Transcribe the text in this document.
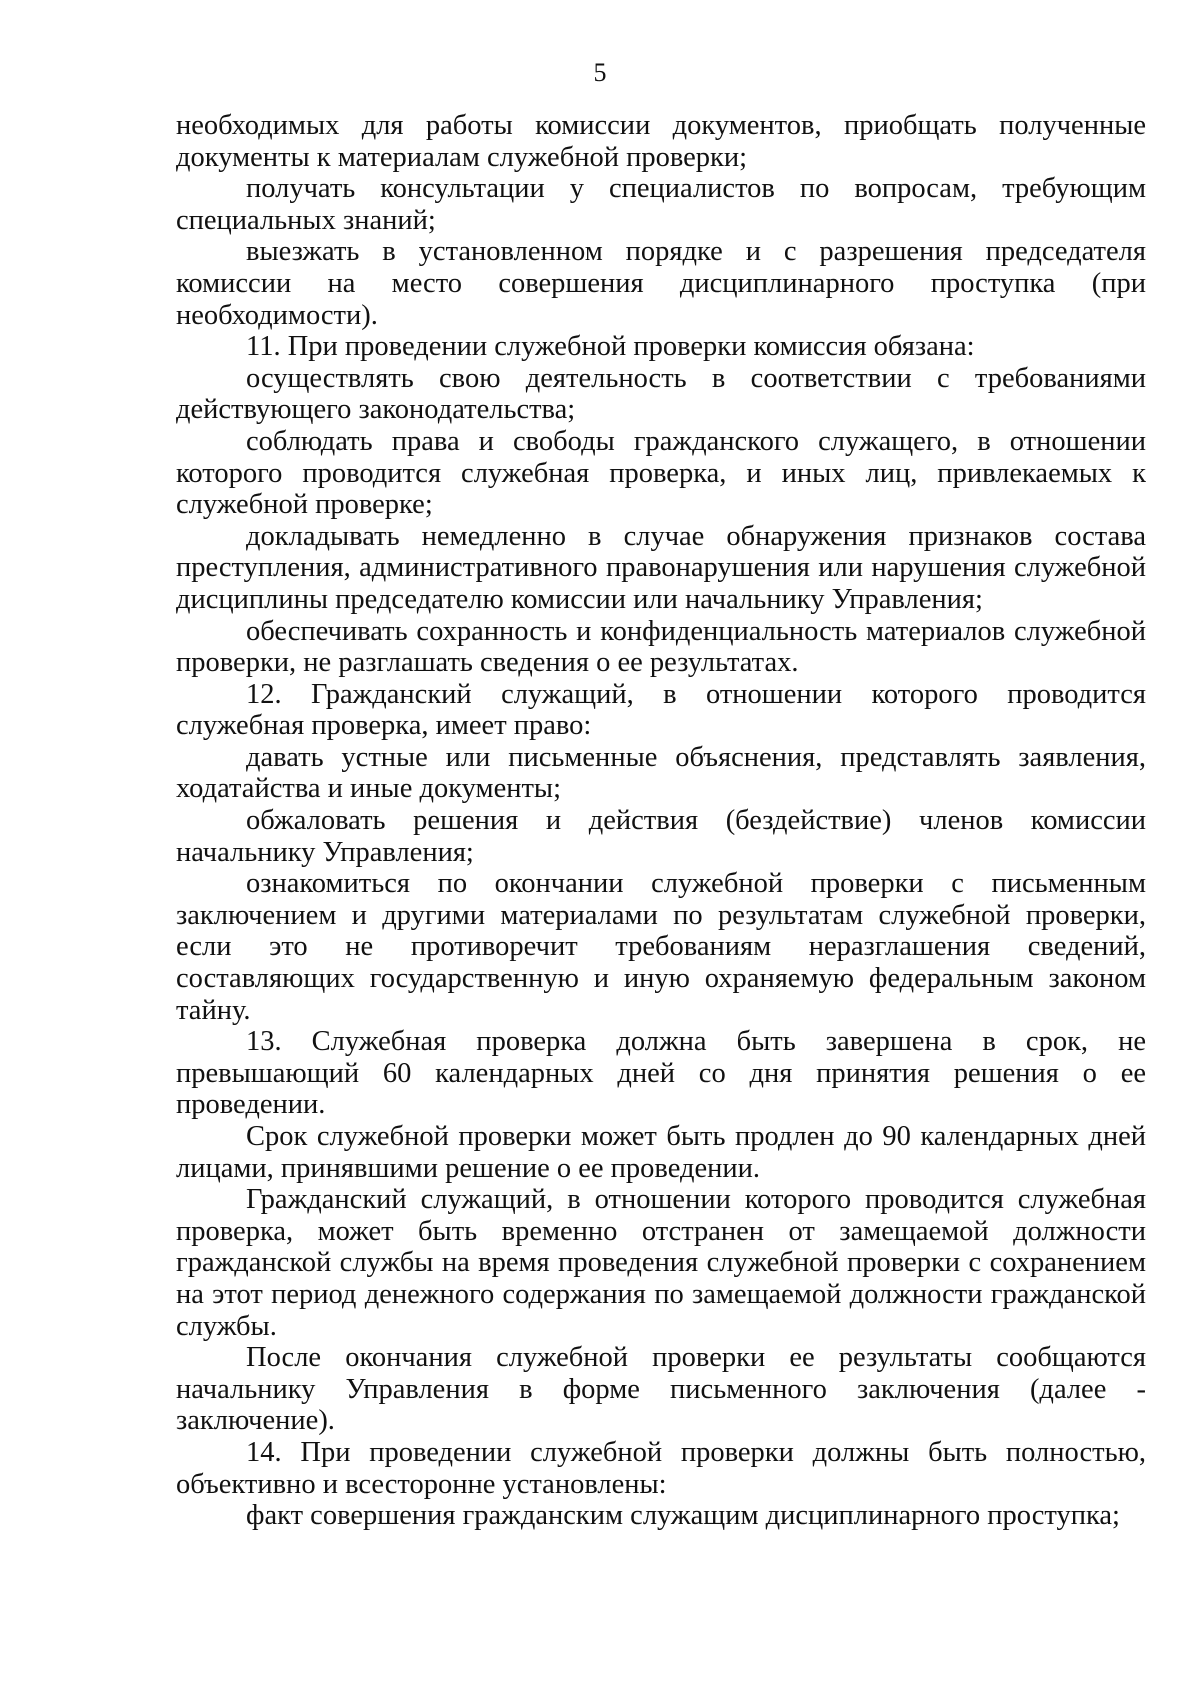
5

необходимых для работы комиссии документов, приобщать полученные документы к материалам служебной проверки;

получать консультации у специалистов по вопросам, требующим специальных знаний;

выезжать в установленном порядке и с разрешения председателя комиссии на место совершения дисциплинарного проступка (при необходимости).

11. При проведении служебной проверки комиссия обязана:

осуществлять свою деятельность в соответствии с требованиями действующего законодательства;

соблюдать права и свободы гражданского служащего, в отношении которого проводится служебная проверка, и иных лиц, привлекаемых к служебной проверке;

докладывать немедленно в случае обнаружения признаков состава преступления, административного правонарушения или нарушения служебной дисциплины председателю комиссии или начальнику Управления;

обеспечивать сохранность и конфиденциальность материалов служебной проверки, не разглашать сведения о ее результатах.

12. Гражданский служащий, в отношении которого проводится служебная проверка, имеет право:

давать устные или письменные объяснения, представлять заявления, ходатайства и иные документы;

обжаловать решения и действия (бездействие) членов комиссии начальнику Управления;

ознакомиться по окончании служебной проверки с письменным заключением и другими материалами по результатам служебной проверки, если это не противоречит требованиям неразглашения сведений, составляющих государственную и иную охраняемую федеральным законом тайну.

13. Служебная проверка должна быть завершена в срок, не превышающий 60 календарных дней со дня принятия решения о ее проведении.

Срок служебной проверки может быть продлен до 90 календарных дней лицами, принявшими решение о ее проведении.

Гражданский служащий, в отношении которого проводится служебная проверка, может быть временно отстранен от замещаемой должности гражданской службы на время проведения служебной проверки с сохранением на этот период денежного содержания по замещаемой должности гражданской службы.

После окончания служебной проверки ее результаты сообщаются начальнику Управления в форме письменного заключения (далее - заключение).

14. При проведении служебной проверки должны быть полностью, объективно и всесторонне установлены:

факт совершения гражданским служащим дисциплинарного проступка;
